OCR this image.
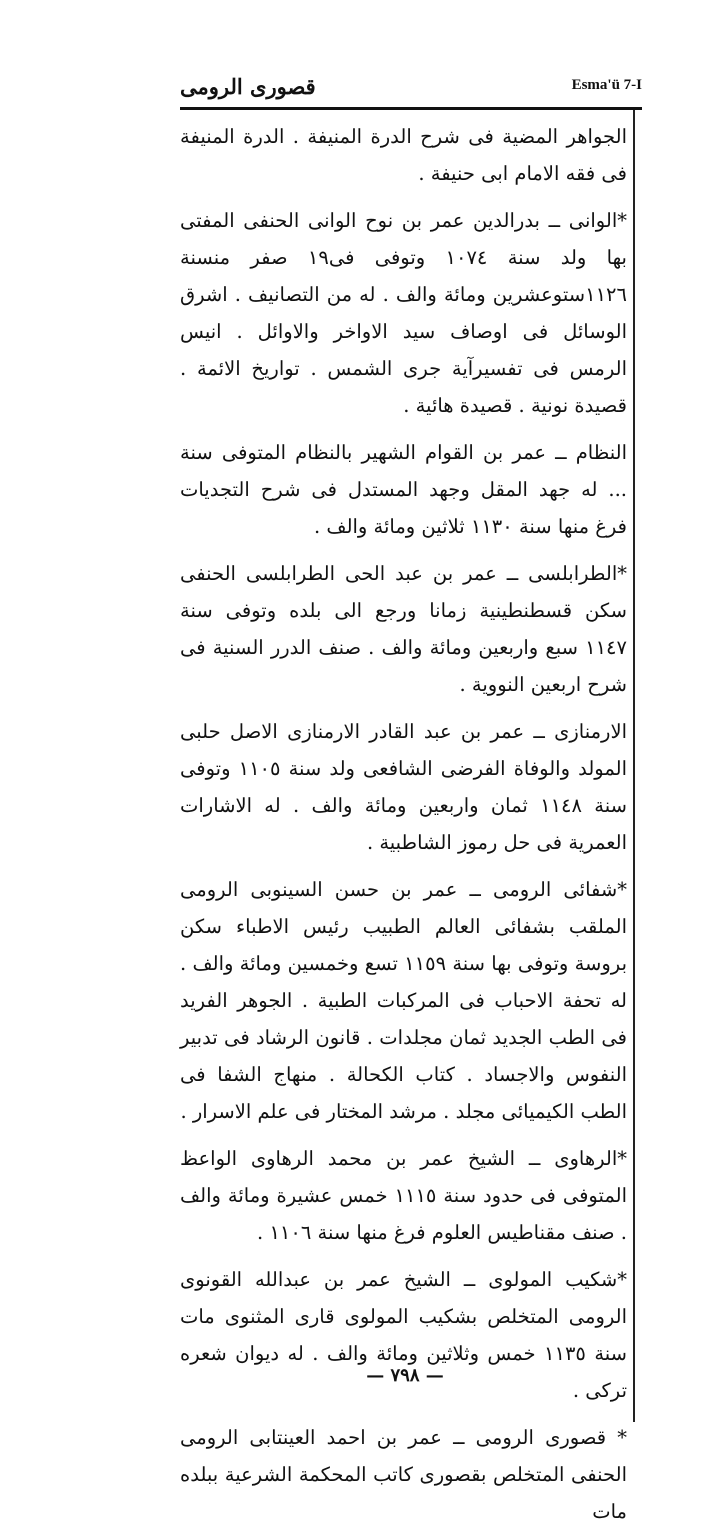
قصورى الرومى	Esma'ü 7-I

الجواهر المضية فى شرح الدرة المنيفة . الدرة المنيفة فى فقه الامام ابى حنيفة .

*الوانى ــ بدرالدين عمر بن نوح الوانى الحنفى المفتى بها ولد سنة ١٠٧٤ وتوفى فى١٩ صفر منسنة ١١٢٦ستوعشرين ومائة والف . له من التصانيف . اشرق الوسائل فى اوصاف سيد الاواخر والاوائل . انيس الرمس فى تفسيرآية جرى الشمس . تواريخ الائمة . قصيدة نونية . قصيدة هائية .

النظام ــ عمر بن القوام الشهير بالنظام المتوفى سنة ... له جهد المقل وجهد المستدل فى شرح التجديات فرغ منها سنة ١١٣٠ ثلاثين ومائة والف .

*الطرابلسى ــ عمر بن عبد الحى الطرابلسى الحنفى سكن قسطنطينية زمانا ورجع الى بلده وتوفى سنة ١١٤٧ سبع واربعين ومائة والف . صنف الدرر السنية فى شرح اربعين النووية .

الارمنازى ــ عمر بن عبد القادر الارمنازى الاصل حلبى المولد والوفاة الفرضى الشافعى ولد سنة ١١٠٥ وتوفى سنة ١١٤٨ ثمان واربعين ومائة والف . له الاشارات العمرية فى حل رموز الشاطبية .

*شفائى الرومى ــ عمر بن حسن السينوبى الرومى الملقب بشفائى العالم الطبيب رئيس الاطباء سكن بروسة وتوفى بها سنة ١١٥٩ تسع وخمسين ومائة والف . له تحفة الاحباب فى المركبات الطبية . الجوهر الفريد فى الطب الجديد ثمان مجلدات . قانون الرشاد فى تدبير النفوس والاجساد . كتاب الكحالة . منهاج الشفا فى الطب الكيميائى مجلد . مرشد المختار فى علم الاسرار .

*الرهاوى ــ الشيخ عمر بن محمد الرهاوى الواعظ المتوفى فى حدود سنة ١١١٥ خمس عشيرة ومائة والف . صنف مقناطيس العلوم فرغ منها سنة ١١٠٦ .

*شكيب المولوى ــ الشيخ عمر بن عبدالله القونوى الرومى المتخلص بشكيب المولوى قارى المثنوى مات سنة ١١٣٥ خمس وثلاثين ومائة والف . له ديوان شعره تركى .

* قصورى الرومى ــ عمر بن احمد العينتابى الرومى الحنفى المتخلص بقصورى كاتب المحكمة الشرعية ببلده مات

— ٧٩٨ —
